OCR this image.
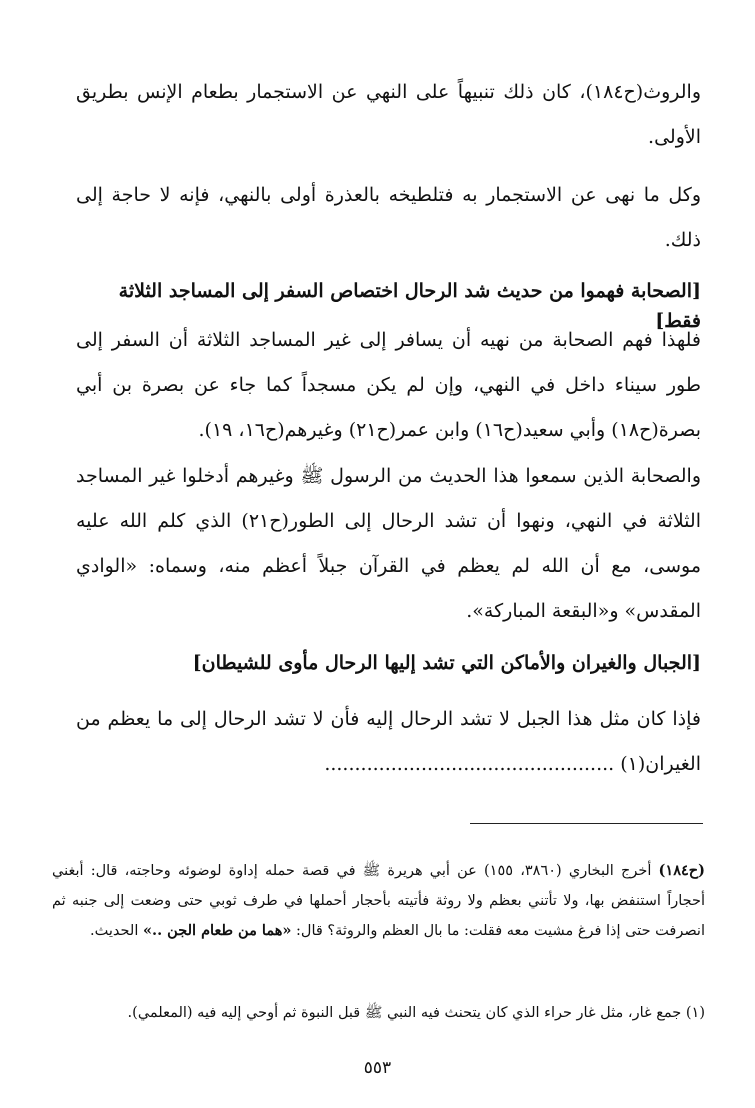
والروث(ح١٨٤)، كان ذلك تنبيهاً على النهي عن الاستجمار بطعام الإنس بطريق الأولى.
وكل ما نهى عن الاستجمار به فتلطيخه بالعذرة أولى بالنهي، فإنه لا حاجة إلى ذلك.
[الصحابة فهموا من حديث شد الرحال اختصاص السفر إلى المساجد الثلاثة فقط]
فلهذا فهم الصحابة من نهيه أن يسافر إلى غير المساجد الثلاثة أن السفر إلى طور سيناء داخل في النهي، وإن لم يكن مسجداً كما جاء عن بصرة بن أبي بصرة(ح١٨) وأبي سعيد(ح١٦) وابن عمر(ح٢١) وغيرهم(ح١٦، ١٩).
والصحابة الذين سمعوا هذا الحديث من الرسول ﷺ وغيرهم أدخلوا غير المساجد الثلاثة في النهي، ونهوا أن تشد الرحال إلى الطور(ح٢١) الذي كلم الله عليه موسى، مع أن الله لم يعظم في القرآن جبلاً أعظم منه، وسماه: «الوادي المقدس» و«البقعة المباركة».
[الجبال والغيران والأماكن التي تشد إليها الرحال مأوى للشيطان]
فإذا كان مثل هذا الجبل لا تشد الرحال إليه فأن لا تشد الرحال إلى ما يعظم من الغيران(١) ................................................
(ح١٨٤) أخرج البخاري (٣٨٦٠، ١٥٥) عن أبي هريرة ﷺ في قصة حمله إداوة لوضوئه وحاجته، قال: أبغني أحجاراً استنفض بها، ولا تأتني بعظم ولا روثة فأتيته بأحجار أحملها في طرف ثوبي حتى وضعت إلى جنبه ثم انصرفت حتى إذا فرغ مشيت معه فقلت: ما بال العظم والروثة؟ قال: «هما من طعام الجن ..» الحديث.
(١) جمع غار، مثل غار حراء الذي كان يتحنث فيه النبي ﷺ قبل النبوة ثم أوحي إليه فيه (المعلمي).
٥٥٣
